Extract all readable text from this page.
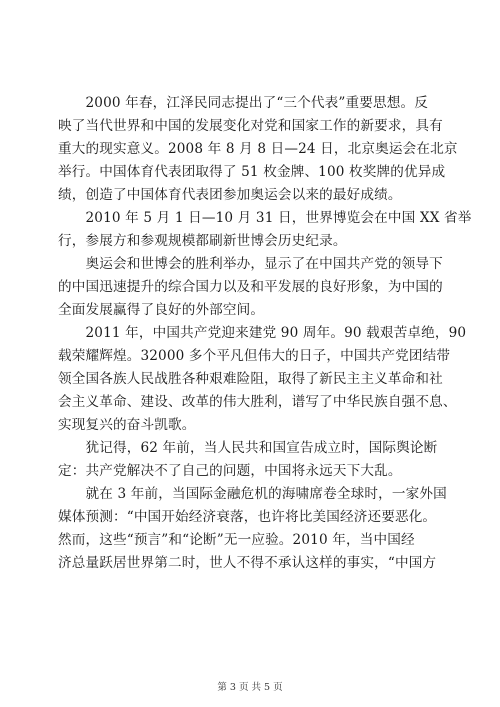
　　2000 年春，江泽民同志提出了“三个代表”重要思想。反

映了当代世界和中国的发展变化对党和国家工作的新要求，具有

重大的现实意义。2008 年 8 月 8 日—24 日，北京奥运会在北京

举行。中国体育代表团取得了 51 枚金牌、100 枚奖牌的优异成

绩，创造了中国体育代表团参加奥运会以来的最好成绩。

　　2010 年 5 月 1 日—10 月 31 日，世界博览会在中国 XX 省举

行，参展方和参观规模都刷新世博会历史纪录。

　　奥运会和世博会的胜利举办，显示了在中国共产党的领导下

的中国迅速提升的综合国力以及和平发展的良好形象，为中国的

全面发展赢得了良好的外部空间。

　　2011 年，中国共产党迎来建党 90 周年。90 载艰苦卓绝，90

载荣耀辉煌。32000 多个平凡但伟大的日子，中国共产党团结带

领全国各族人民战胜各种艰难险阻，取得了新民主主义革命和社

会主义革命、建设、改革的伟大胜利，谱写了中华民族自强不息、

实现复兴的奋斗凯歌。

　　犹记得，62 年前，当人民共和国宣告成立时，国际舆论断

定：共产党解决不了自己的问题，中国将永远天下大乱。

　　就在 3 年前，当国际金融危机的海啸席卷全球时，一家外国

媒体预测：“中国开始经济衰落，也许将比美国经济还要恶化。

然而，这些“预言”和“论断”无一应验。2010 年，当中国经

济总量跃居世界第二时，世人不得不承认这样的事实，“中国方

第 3 页 共 5 页
